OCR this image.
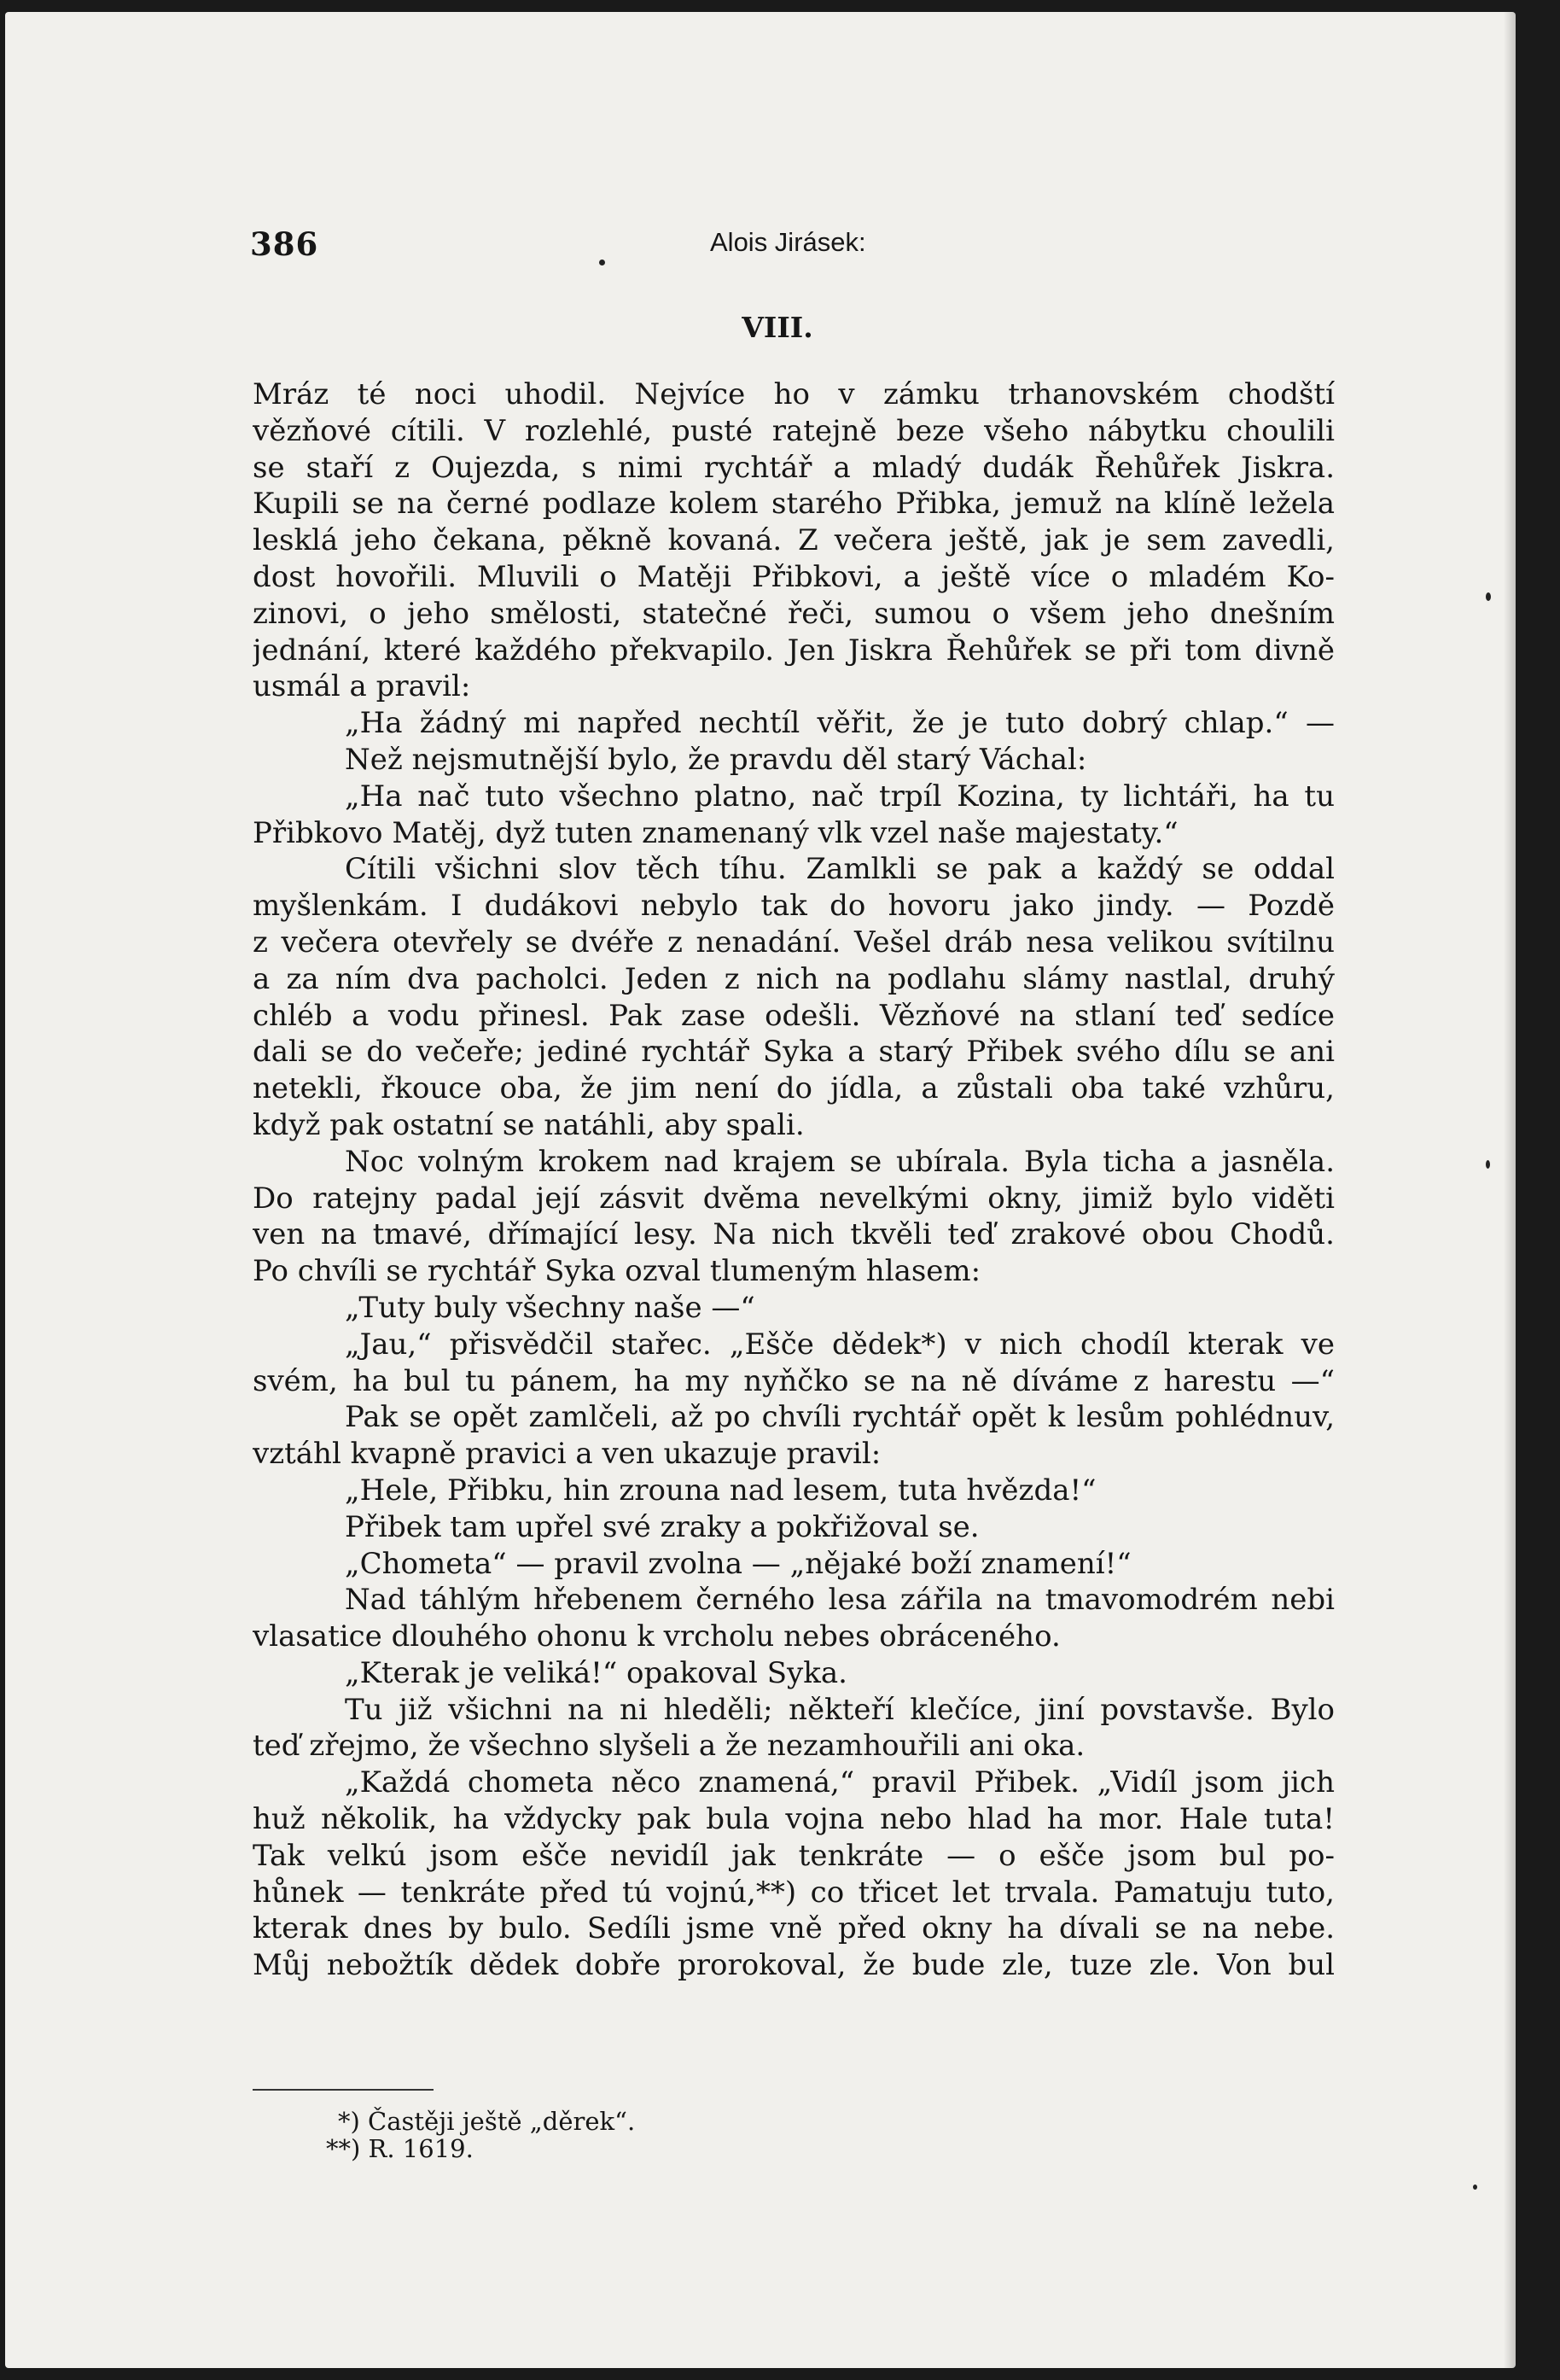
386	Alois Jirásek:
VIII.
Mráz té noci uhodil. Nejvíce ho v zámku trhanovském chodští
vězňové cítili. V rozlehlé, pusté ratejně beze všeho nábytku choulili
se staří z Oujezda, s nimi rychtář a mladý dudák Řehůřek Jiskra.
Kupili se na černé podlaze kolem starého Přibka, jemuž na klíně ležela
lesklá jeho čekana, pěkně kovaná. Z večera ještě, jak je sem zavedli,
dost hovořili. Mluvili o Matěji Přibkovi, a ještě více o mladém Ko-
zinovi, o jeho smělosti, statečné řeči, sumou o všem jeho dnešním
jednání, které každého překvapilo. Jen Jiskra Řehůřek se při tom divně
usmál a pravil:
„Ha žádný mi napřed nechtíl věřit, že je tuto dobrý chlap.“ —
Než nejsmutnější bylo, že pravdu děl starý Váchal:
„Ha nač tuto všechno platno, nač trpíl Kozina, ty lichtáři, ha tu
Přibkovo Matěj, dyž tuten znamenaný vlk vzel naše majestaty.“
Cítili všichni slov těch tíhu. Zamlkli se pak a každý se oddal
myšlenkám. I dudákovi nebylo tak do hovoru jako jindy. — Pozdě
z večera otevřely se dvéře z nenadání. Vešel dráb nesa velikou svítilnu
a za ním dva pacholci. Jeden z nich na podlahu slámy nastlal, druhý
chléb a vodu přinesl. Pak zase odešli. Vězňové na stlaní teď sedíce
dali se do večeře; jediné rychtář Syka a starý Přibek svého dílu se ani
netekli, řkouce oba, že jim není do jídla, a zůstali oba také vzhůru,
když pak ostatní se natáhli, aby spali.
Noc volným krokem nad krajem se ubírala. Byla ticha a jasněla.
Do ratejny padal její zásvit dvěma nevelkými okny, jimiž bylo viděti
ven na tmavé, dřímající lesy. Na nich tkvěli teď zrakové obou Chodů.
Po chvíli se rychtář Syka ozval tlumeným hlasem:
„Tuty buly všechny naše —“
„Jau,“ přisvědčil stařec. „Ešče dědek*) v nich chodíl kterak ve
svém, ha bul tu pánem, ha my nyňčko se na ně díváme z harestu —“
Pak se opět zamlčeli, až po chvíli rychtář opět k lesům pohlédnuv,
vztáhl kvapně pravici a ven ukazuje pravil:
„Hele, Přibku, hin zrouna nad lesem, tuta hvězda!“
Přibek tam upřel své zraky a pokřižoval se.
„Chometa“ — pravil zvolna — „nějaké boží znamení!“
Nad táhlým hřebenem černého lesa zářila na tmavomodrém nebi
vlasatice dlouhého ohonu k vrcholu nebes obráceného.
„Kterak je veliká!“ opakoval Syka.
Tu již všichni na ni hleděli; někteří klečíce, jiní povstavše. Bylo
teď zřejmo, že všechno slyšeli a že nezamhouřili ani oka.
„Každá chometa něco znamená,“ pravil Přibek. „Vidíl jsom jich
huž několik, ha vždycky pak bula vojna nebo hlad ha mor. Hale tuta!
Tak velkú jsom ešče nevidíl jak tenkráte — o ešče jsom bul po-
hůnek — tenkráte před tú vojnú,**) co třicet let trvala. Pamatuju tuto,
kterak dnes by bulo. Sedíli jsme vně před okny ha dívali se na nebe.
Můj nebožtík dědek dobře prorokoval, že bude zle, tuze zle. Von bul
*) Častěji ještě „děrek“.
**) R. 1619.
